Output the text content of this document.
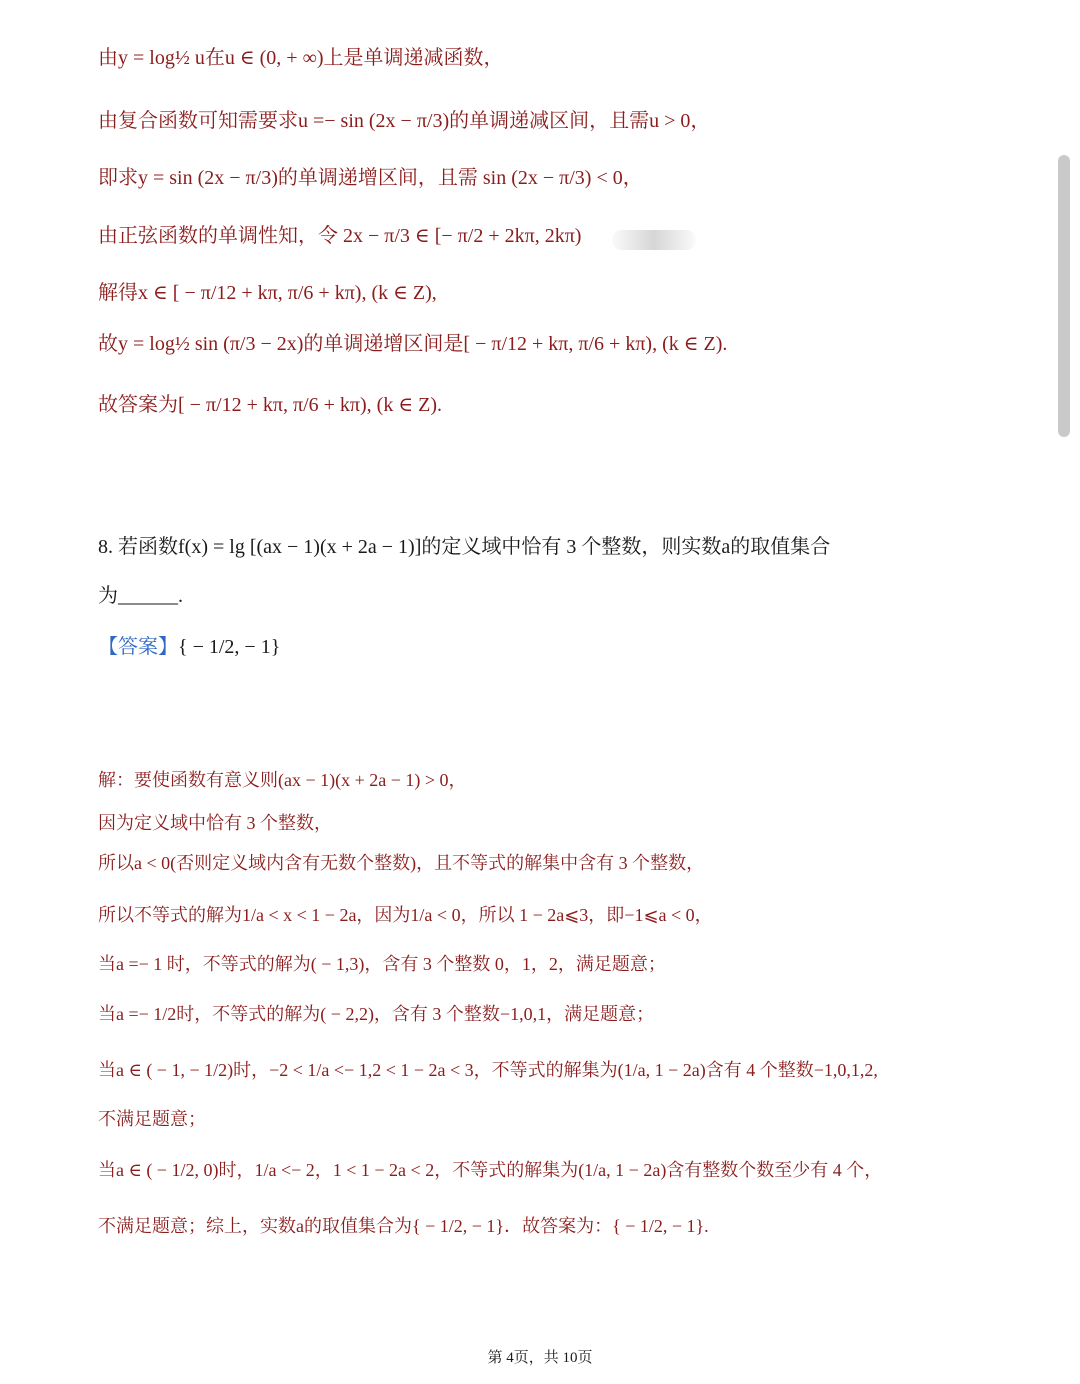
由y = log½ u在u ∈ (0, + ∞)上是单调递减函数，
由复合函数可知需要求u =− sin (2x − π/3)的单调递减区间，且需u > 0，
即求y = sin (2x − π/3)的单调递增区间，且需 sin (2x − π/3) < 0，
由正弦函数的单调性知，令 2x − π/3 ∈ [− π/2 + 2kπ, 2kπ)
解得x ∈ [ − π/12 + kπ, π/6 + kπ), (k ∈ Z),
故y = log½ sin (π/3 − 2x)的单调递增区间是[ − π/12 + kπ, π/6 + kπ), (k ∈ Z).
故答案为[ − π/12 + kπ, π/6 + kπ), (k ∈ Z).
8. 若函数f(x) = lg [(ax − 1)(x + 2a − 1)]的定义域中恰有 3 个整数，则实数a的取值集合
为______.
【答案】{ − 1/2, − 1}
解：要使函数有意义则(ax − 1)(x + 2a − 1) > 0，
因为定义域中恰有 3 个整数，
所以a < 0(否则定义域内含有无数个整数)，且不等式的解集中含有 3 个整数，
所以不等式的解为1/a < x < 1 − 2a，因为1/a < 0，所以 1 − 2a⩽3，即−1⩽a < 0，
当a =− 1 时，不等式的解为( − 1,3)，含有 3 个整数 0，1，2，满足题意；
当a =− 1/2时，不等式的解为( − 2,2)，含有 3 个整数−1,0,1，满足题意；
当a ∈ ( − 1, − 1/2)时，−2 < 1/a <− 1,2 < 1 − 2a < 3，不等式的解集为(1/a, 1 − 2a)含有 4 个整数−1,0,1,2,
不满足题意；
当a ∈ ( − 1/2, 0)时，1/a <− 2，1 < 1 − 2a < 2，不等式的解集为(1/a, 1 − 2a)含有整数个数至少有 4 个，
不满足题意；综上，实数a的取值集合为{ − 1/2, − 1}．故答案为：{ − 1/2, − 1}.
第 4页，共 10页
